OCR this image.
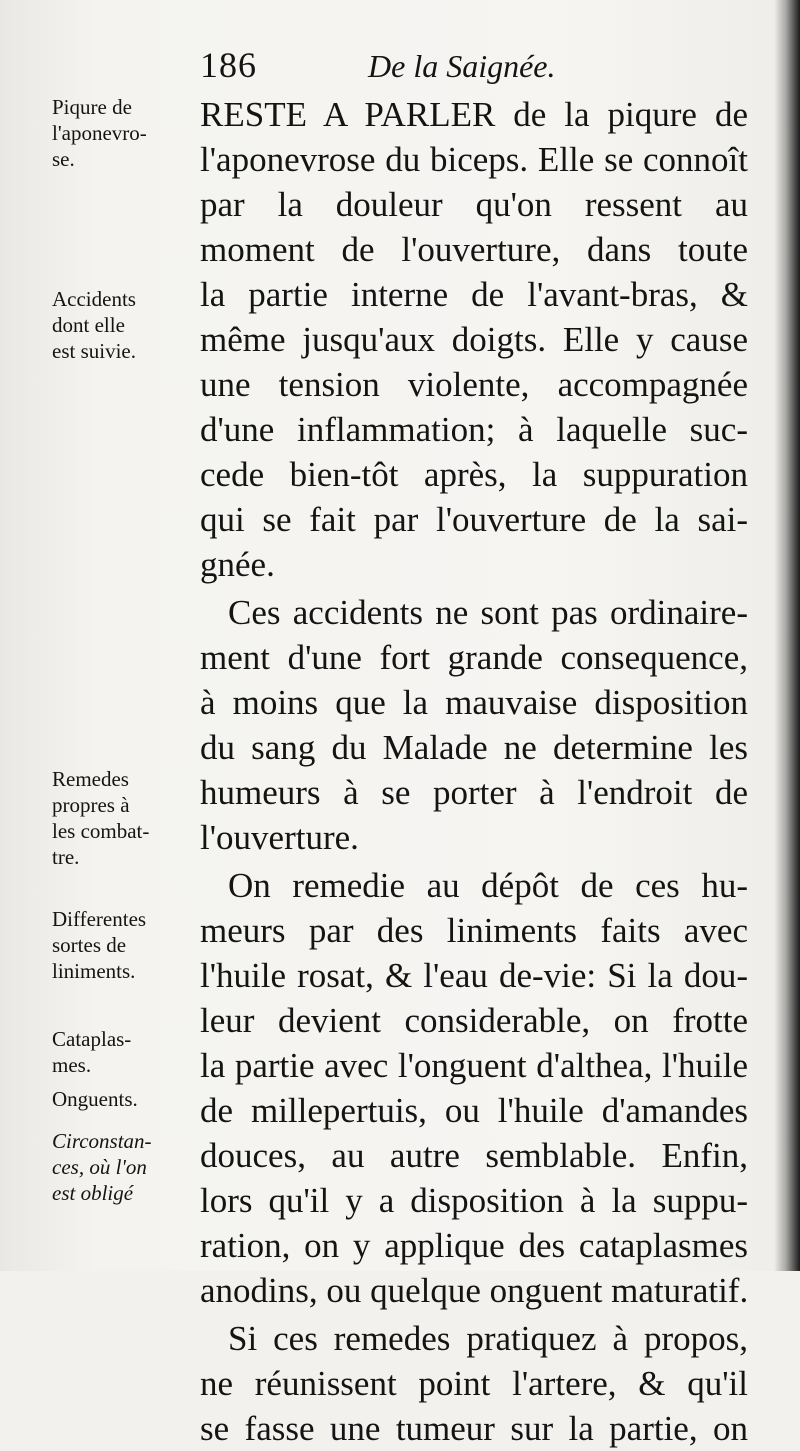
186	De la Saignée.
Piqure de
l'aponevro-
se.
Accidents
dont elle
est suivie.
Remedes
propres à
les combat-
tre.
Differentes
sortes de
liniments.
Cataplas-
mes.
Onguents.
Circonstan-
ces, où l'on
est obligé
RESTE A PARLER de la piqure de
l'aponevrose du biceps. Elle se connoît
par la douleur qu'on ressent au
moment de l'ouverture, dans toute
la partie interne de l'avant-bras, &
même jusqu'aux doigts. Elle y cause
une tension violente, accompagnée
d'une inflammation; à laquelle suc-
cede bien-tôt après, la suppuration
qui se fait par l'ouverture de la sai-
gnée.
Ces accidents ne sont pas ordinaire-
ment d'une fort grande consequence,
à moins que la mauvaise disposition
du sang du Malade ne determine les
humeurs à se porter à l'endroit de
l'ouverture.
On remedie au dépôt de ces hu-
meurs par des liniments faits avec
l'huile rosat, & l'eau de-vie: Si la dou-
leur devient considerable, on frotte
la partie avec l'onguent d'althea, l'huile
de millepertuis, ou l'huile d'amandes
douces, au autre semblable. Enfin,
lors qu'il y a disposition à la suppu-
ration, on y applique des cataplasmes
anodins, ou quelque onguent maturatif.
Si ces remedes pratiquez à propos,
ne réunissent point l'artere, & qu'il
se fasse une tumeur sur la partie, on
